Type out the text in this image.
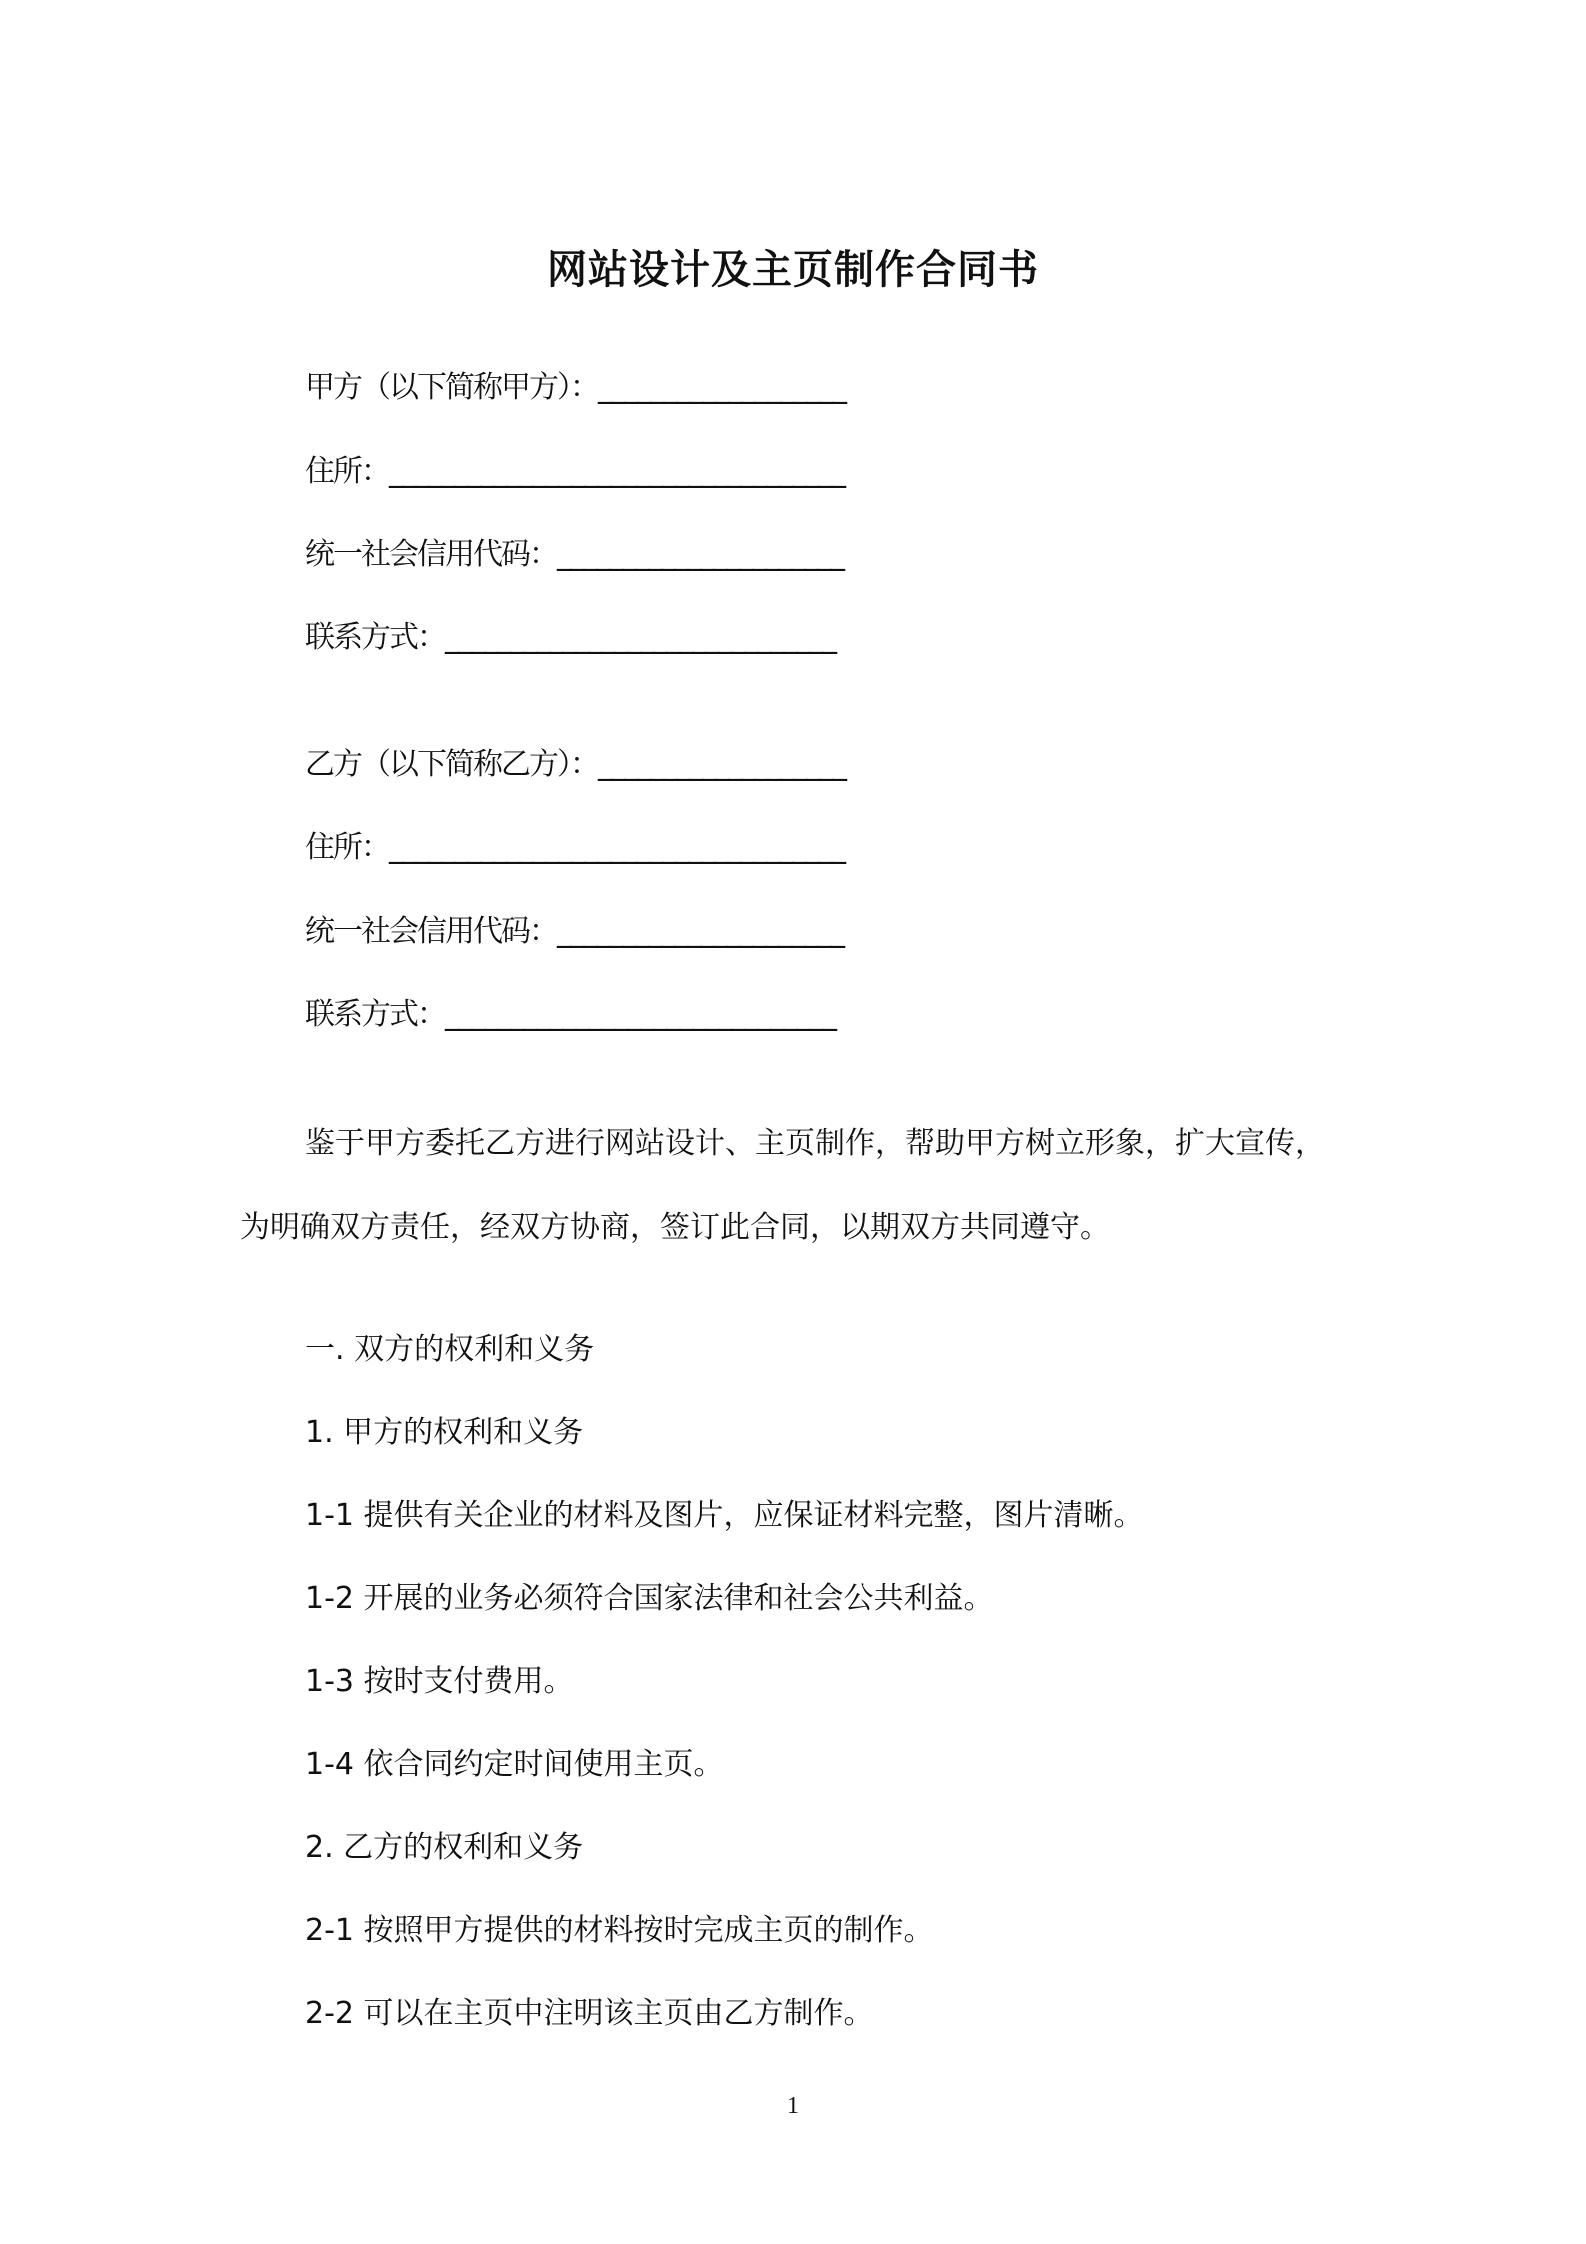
网站设计及主页制作合同书
甲方（以下简称甲方）：___________________
住所：___________________________________
统一社会信用代码：______________________
联系方式：______________________________
乙方（以下简称乙方）：___________________
住所：___________________________________
统一社会信用代码：______________________
联系方式：______________________________
鉴于甲方委托乙方进行网站设计、主页制作，帮助甲方树立形象，扩大宣传，为明确双方责任，经双方协商，签订此合同，以期双方共同遵守。
一. 双方的权利和义务
1. 甲方的权利和义务
1-1 提供有关企业的材料及图片，应保证材料完整，图片清晰。
1-2 开展的业务必须符合国家法律和社会公共利益。
1-3 按时支付费用。
1-4 依合同约定时间使用主页。
2. 乙方的权利和义务
2-1 按照甲方提供的材料按时完成主页的制作。
2-2 可以在主页中注明该主页由乙方制作。
1
